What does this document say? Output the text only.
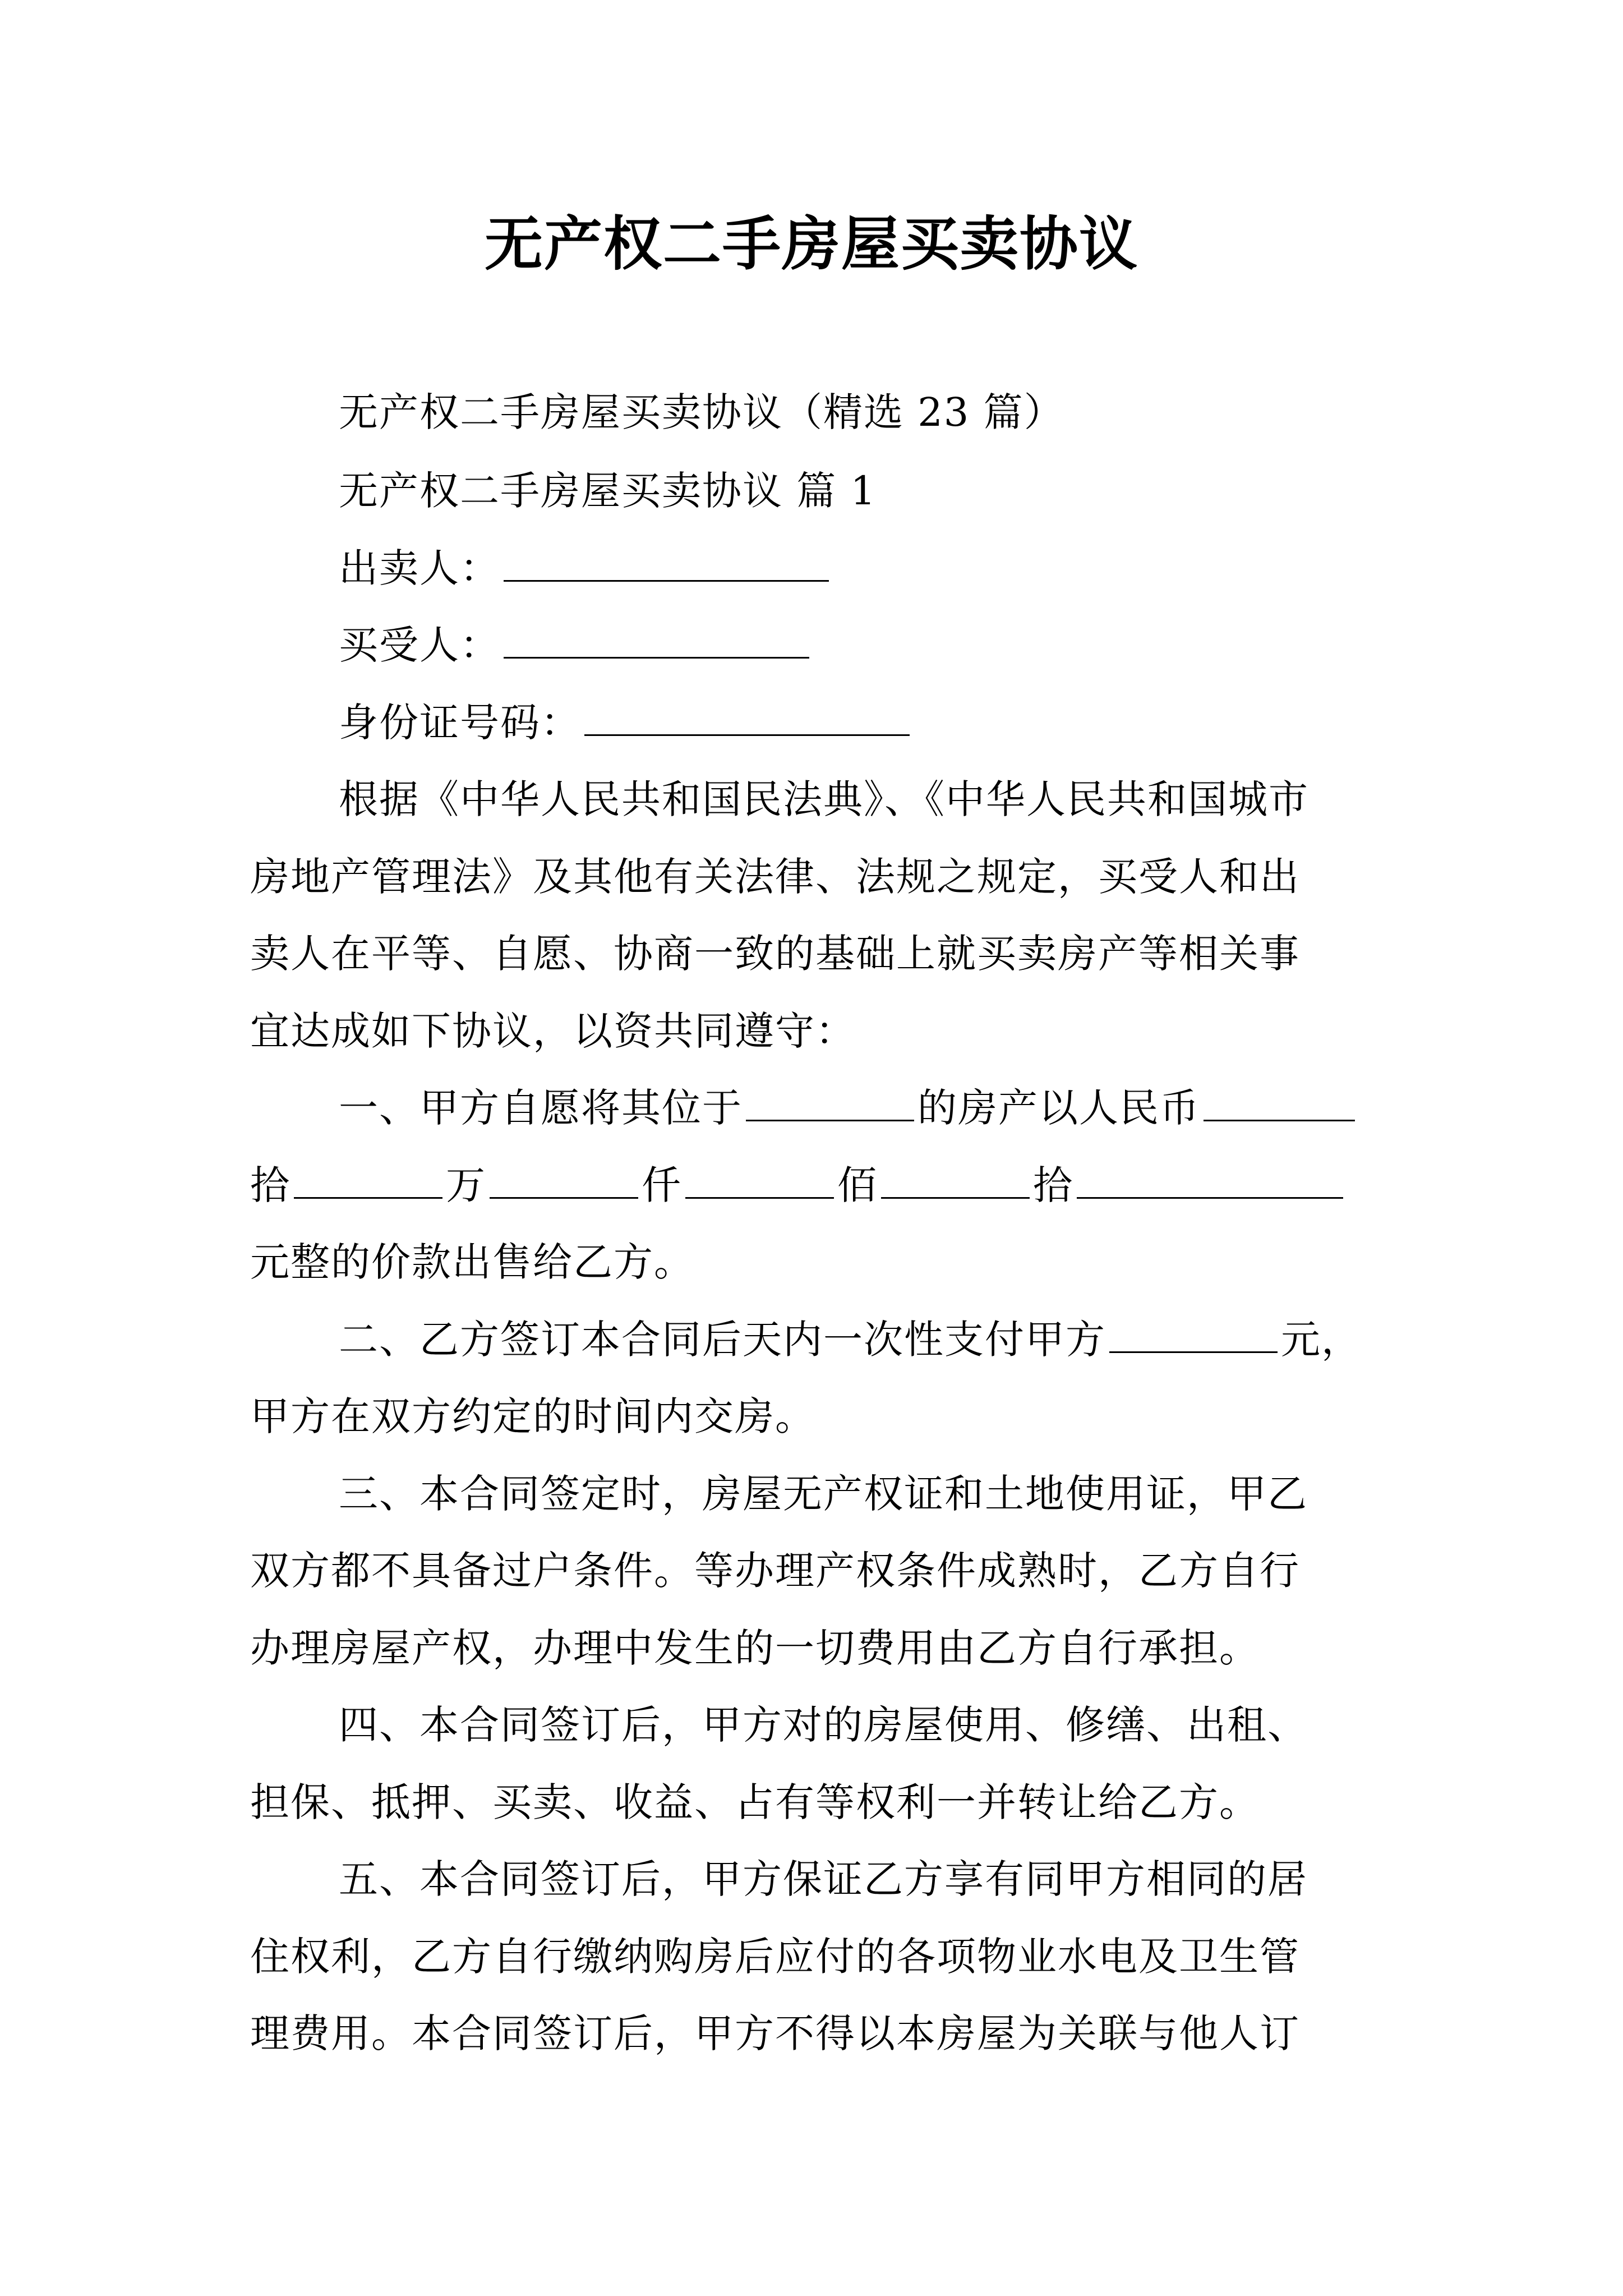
无产权二手房屋买卖协议
无产权二手房屋买卖协议（精选 23 篇）
无产权二手房屋买卖协议 篇 1
出卖人：
买受人：
身份证号码：
根据《中华人民共和国民法典》、《中华人民共和国城市
房地产管理法》及其他有关法律、法规之规定，买受人和出
卖人在平等、自愿、协商一致的基础上就买卖房产等相关事
宜达成如下协议，以资共同遵守：
一、甲方自愿将其位于	的房产以人民币
拾	万	仟	佰	拾
元整的价款出售给乙方。
二、乙方签订本合同后天内一次性支付甲方	元，
甲方在双方约定的时间内交房。
三、本合同签定时，房屋无产权证和土地使用证，甲乙
双方都不具备过户条件。等办理产权条件成熟时，乙方自行
办理房屋产权，办理中发生的一切费用由乙方自行承担。
四、本合同签订后，甲方对的房屋使用、修缮、出租、
担保、抵押、买卖、收益、占有等权利一并转让给乙方。
五、本合同签订后，甲方保证乙方享有同甲方相同的居
住权利，乙方自行缴纳购房后应付的各项物业水电及卫生管
理费用。本合同签订后，甲方不得以本房屋为关联与他人订
